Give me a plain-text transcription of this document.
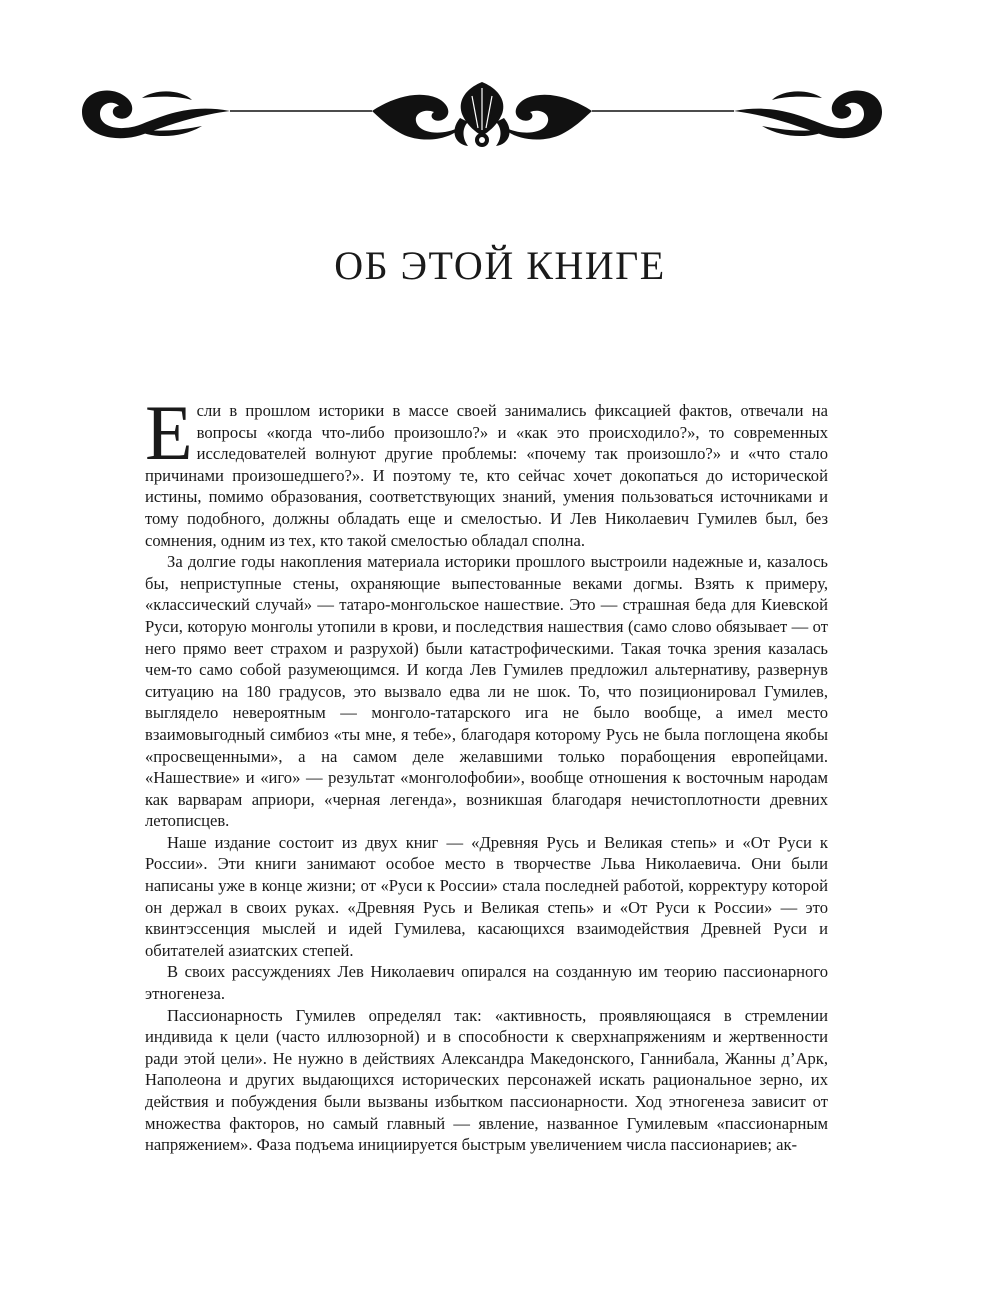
ОБ ЭТОЙ КНИГЕ

Если в прошлом историки в массе своей занимались фиксацией фактов, отвечали на вопросы «когда что-либо произошло?» и «как это происходило?», то современных исследователей волнуют другие проблемы: «почему так произошло?» и «что стало причинами произошедшего?». И поэтому те, кто сейчас хочет докопаться до исторической истины, помимо образования, соответствующих знаний, умения пользоваться источниками и тому подобного, должны обладать еще и смелостью. И Лев Николаевич Гумилев был, без сомнения, одним из тех, кто такой смелостью обладал сполна.

За долгие годы накопления материала историки прошлого выстроили надежные и, казалось бы, неприступные стены, охраняющие выпестованные веками догмы. Взять к примеру, «классический случай» — татаро-монгольское нашествие. Это — страшная беда для Киевской Руси, которую монголы утопили в крови, и последствия нашествия (само слово обязывает — от него прямо веет страхом и разрухой) были катастрофическими. Такая точка зрения казалась чем-то само собой разумеющимся. И когда Лев Гумилев предложил альтернативу, развернув ситуацию на 180 градусов, это вызвало едва ли не шок. То, что позиционировал Гумилев, выглядело невероятным — монголо-татарского ига не было вообще, а имел место взаимовыгодный симбиоз «ты мне, я тебе», благодаря которому Русь не была поглощена якобы «просвещенными», а на самом деле желавшими только порабощения европейцами. «Нашествие» и «иго» — результат «монголофобии», вообще отношения к восточным народам как варварам априори, «черная легенда», возникшая благодаря нечистоплотности древних летописцев.

Наше издание состоит из двух книг — «Древняя Русь и Великая степь» и «От Руси к России». Эти книги занимают особое место в творчестве Льва Николаевича. Они были написаны уже в конце жизни; от «Руси к России» стала последней работой, корректуру которой он держал в своих руках. «Древняя Русь и Великая степь» и «От Руси к России» — это квинтэссенция мыслей и идей Гумилева, касающихся взаимодействия Древней Руси и обитателей азиатских степей.

В своих рассуждениях Лев Николаевич опирался на созданную им теорию пассионарного этногенеза.

Пассионарность Гумилев определял так: «активность, проявляющаяся в стремлении индивида к цели (часто иллюзорной) и в способности к сверхнапряжениям и жертвенности ради этой цели». Не нужно в действиях Александра Македонского, Ганнибала, Жанны д’Арк, Наполеона и других выдающихся исторических персонажей искать рациональное зерно, их действия и побуждения были вызваны избытком пассионарности. Ход этногенеза зависит от множества факторов, но самый главный — явление, названное Гумилевым «пассионарным напряжением». Фаза подъема инициируется быстрым увеличением числа пассионариев; ак-
